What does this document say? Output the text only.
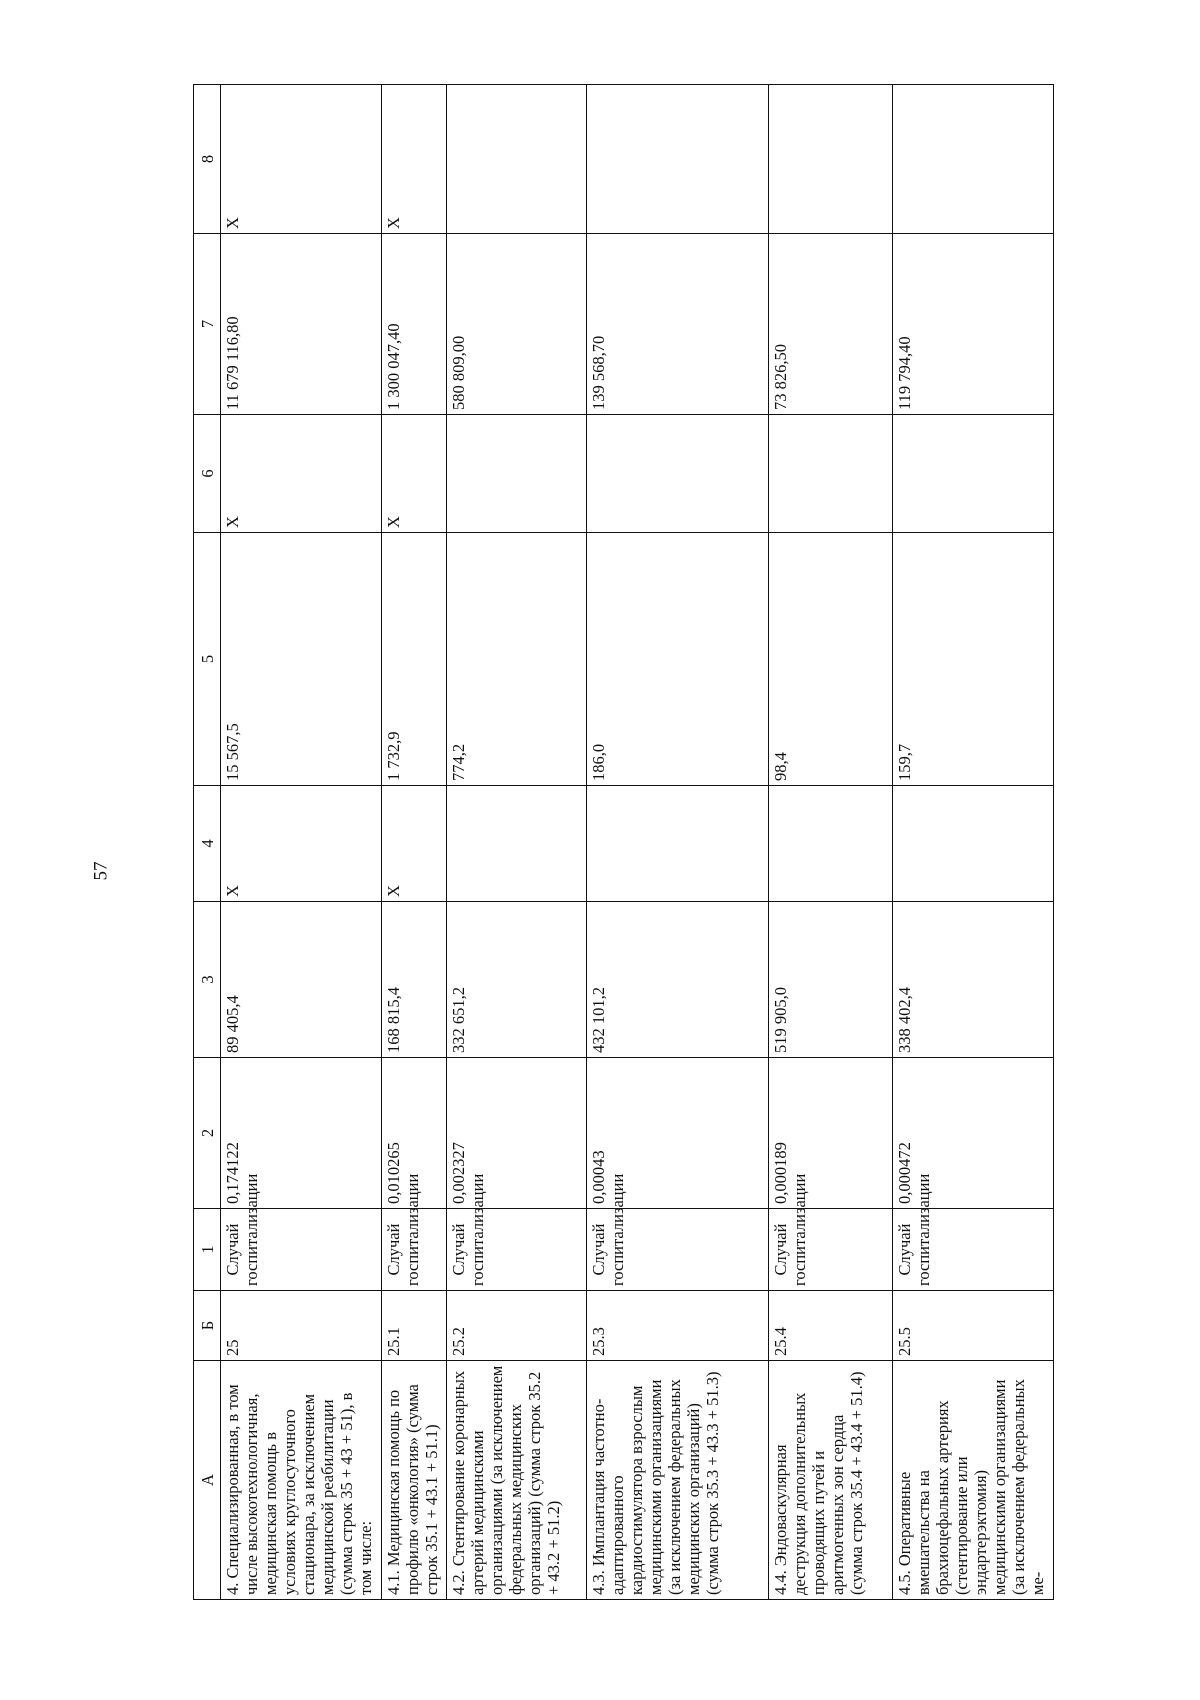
57
А	Б	1	2	3	4	5	6	7	8
4. Специализированная, в том числе высокотехнологичная, медицинская помощь в условиях круглосуточного стационара, за исключением медицинской реабилитации (сумма строк 35 + 43 + 51), в том числе:	25	Случай госпитализации	0,174122	89 405,4	X	15 567,5	X	11 679 116,80	X
4.1. Медицинская помощь по профилю «онкология» (сумма строк 35.1 + 43.1 + 51.1)	25.1	Случай госпитализации	0,010265	168 815,4	X	1 732,9	X	1 300 047,40	X
4.2. Стентирование коронарных артерий медицинскими организациями (за исключением федеральных медицинских организаций) (сумма строк 35.2 + 43.2 + 51.2)	25.2	Случай госпитализации	0,002327	332 651,2		774,2		580 809,00	
4.3. Имплантация частотно-адаптированного кардиостимулятора взрослым медицинскими организациями (за исключением федеральных медицинских организаций) (сумма строк 35.3 + 43.3 + 51.3)	25.3	Случай госпитализации	0,00043	432 101,2		186,0		139 568,70	
4.4. Эндоваскулярная деструкция дополнительных проводящих путей и аритмогенных зон сердца (сумма строк 35.4 + 43.4 + 51.4)	25.4	Случай госпитализации	0,000189	519 905,0		98,4		73 826,50	
4.5. Оперативные вмешательства на брахиоцефальных артериях (стентирование или эндартерэктомия) медицинскими организациями (за исключением федеральных ме-	25.5	Случай госпитализации	0,000472	338 402,4		159,7		119 794,40	
